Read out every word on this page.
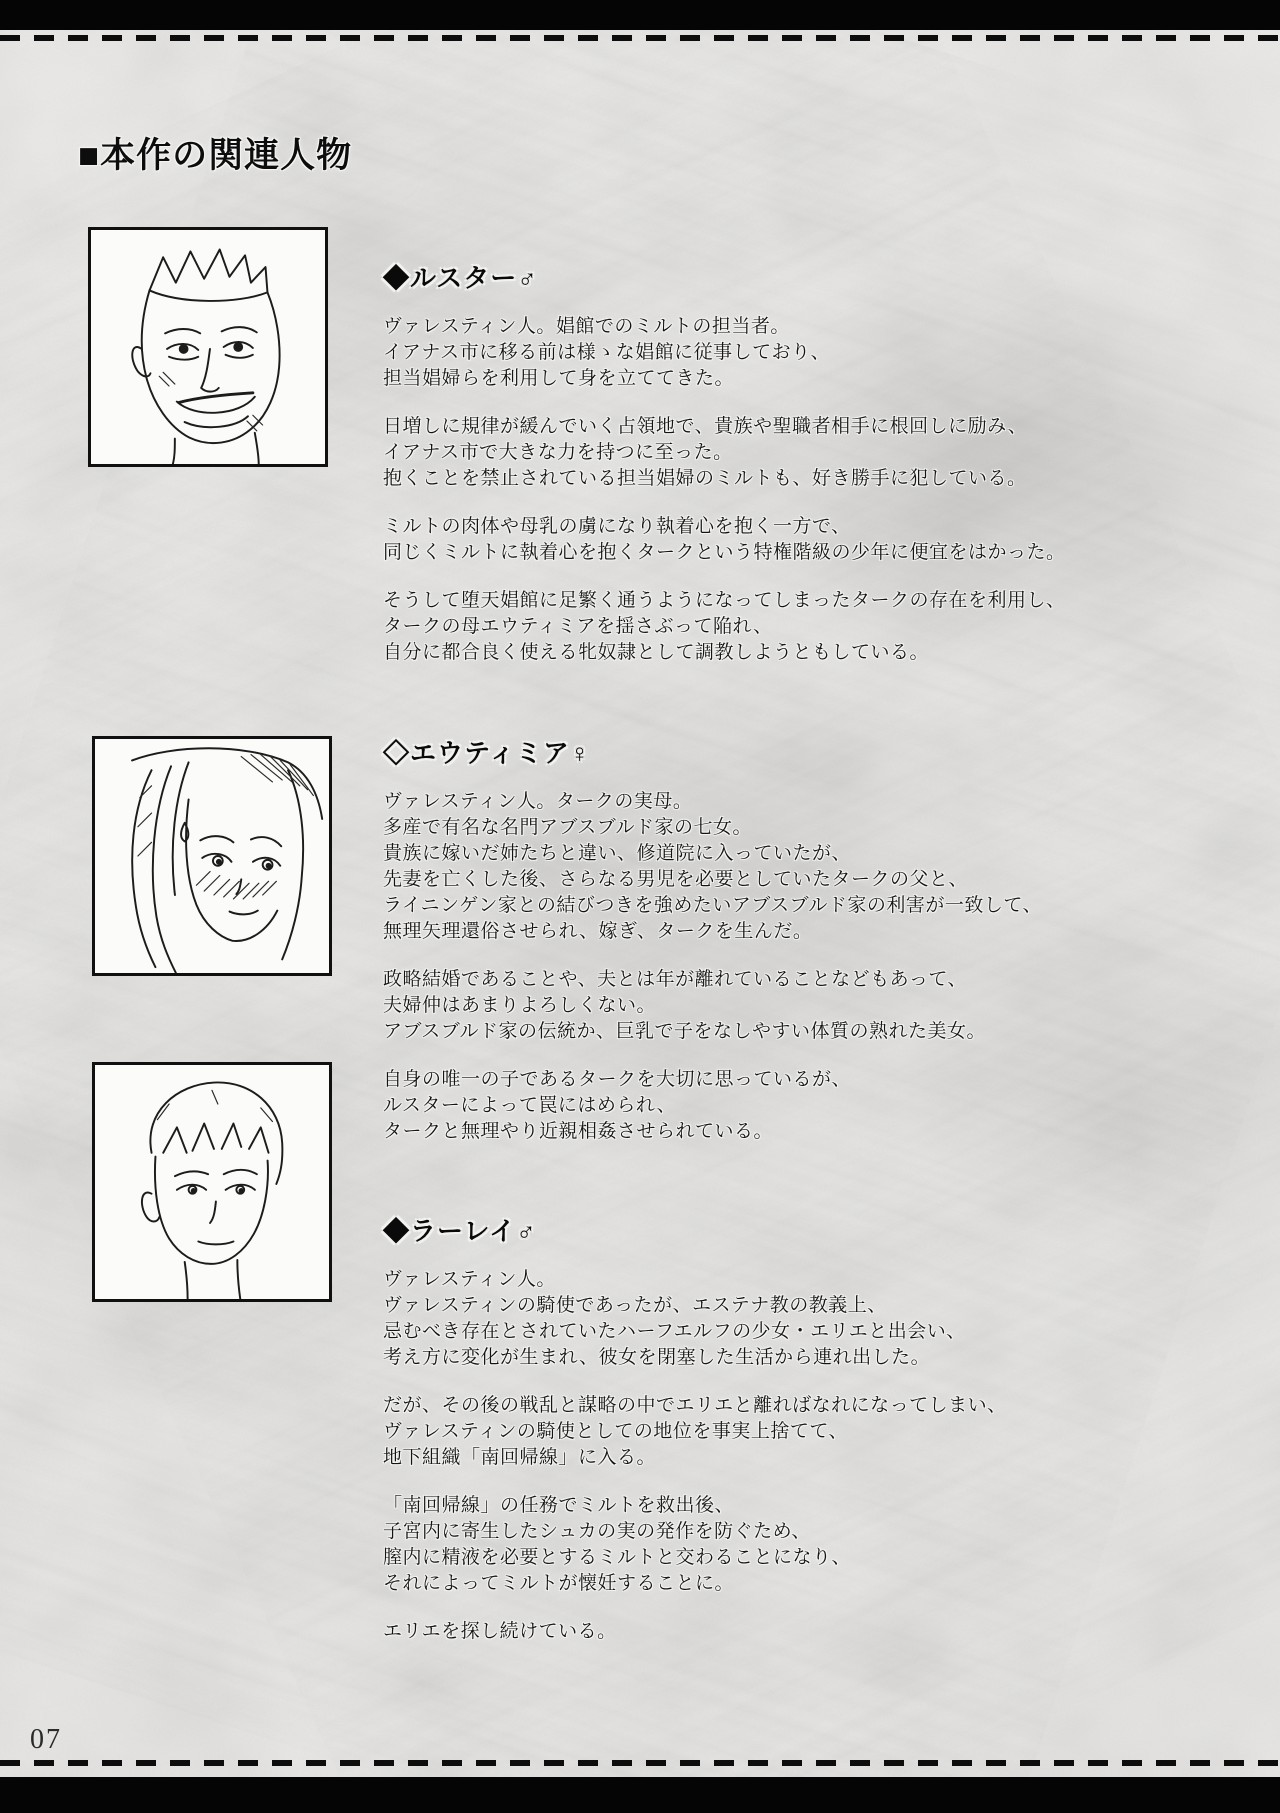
■本作の関連人物
◆ルスター♂
ヴァレスティン人。娼館でのミルトの担当者。
イアナス市に移る前は様ゝな娼館に従事しており、
担当娼婦らを利用して身を立ててきた。
日増しに規律が緩んでいく占領地で、貴族や聖職者相手に根回しに励み、
イアナス市で大きな力を持つに至った。
抱くことを禁止されている担当娼婦のミルトも、好き勝手に犯している。
ミルトの肉体や母乳の虜になり執着心を抱く一方で、
同じくミルトに執着心を抱くタークという特権階級の少年に便宜をはかった。
そうして堕天娼館に足繁く通うようになってしまったタークの存在を利用し、
タークの母エウティミアを揺さぶって陥れ、
自分に都合良く使える牝奴隷として調教しようともしている。
◇エウティミア♀
ヴァレスティン人。タークの実母。
多産で有名な名門アブスブルド家の七女。
貴族に嫁いだ姉たちと違い、修道院に入っていたが、
先妻を亡くした後、さらなる男児を必要としていたタークの父と、
ライニンゲン家との結びつきを強めたいアブスブルド家の利害が一致して、
無理矢理還俗させられ、嫁ぎ、タークを生んだ。
政略結婚であることや、夫とは年が離れていることなどもあって、
夫婦仲はあまりよろしくない。
アブスブルド家の伝統か、巨乳で子をなしやすい体質の熟れた美女。
自身の唯一の子であるタークを大切に思っているが、
ルスターによって罠にはめられ、
タークと無理やり近親相姦させられている。
◆ラーレイ♂
ヴァレスティン人。
ヴァレスティンの騎使であったが、エステナ教の教義上、
忌むべき存在とされていたハーフエルフの少女・エリエと出会い、
考え方に変化が生まれ、彼女を閉塞した生活から連れ出した。
だが、その後の戦乱と謀略の中でエリエと離ればなれになってしまい、
ヴァレスティンの騎使としての地位を事実上捨てて、
地下組織「南回帰線」に入る。
「南回帰線」の任務でミルトを救出後、
子宮内に寄生したシュカの実の発作を防ぐため、
膣内に精液を必要とするミルトと交わることになり、
それによってミルトが懐妊することに。
エリエを探し続けている。
07
